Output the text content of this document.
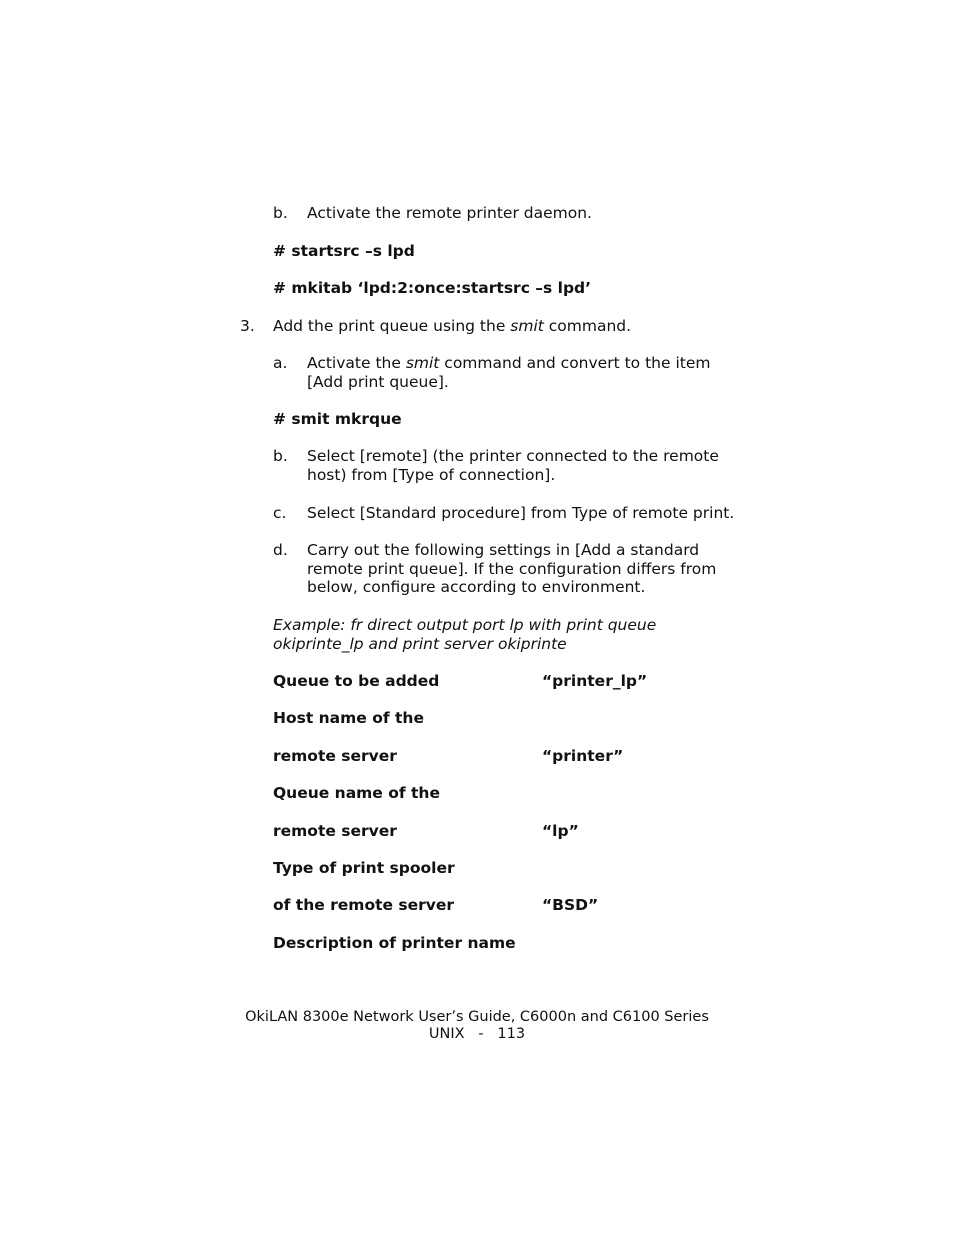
b. Activate the remote printer daemon.
# startsrc –s lpd
# mkitab ‘lpd:2:once:startsrc –s lpd’
3. Add the print queue using the smit command.
a. Activate the smit command and convert to the item
[Add print queue].
# smit mkrque
b. Select [remote] (the printer connected to the remote
host) from [Type of connection].
c. Select [Standard procedure] from Type of remote print.
d. Carry out the following settings in [Add a standard
remote print queue]. If the configuration differs from
below, configure according to environment.
Example: fr direct output port lp with print queue
okiprinte_lp and print server okiprinte
Queue to be added	“printer_lp”
Host name of the
remote server	“printer”
Queue name of the
remote server	“lp”
Type of print spooler
of the remote server	“BSD”
Description of printer name
OkiLAN 8300e Network User’s Guide, C6000n and C6100 Series
UNIX   -   113
